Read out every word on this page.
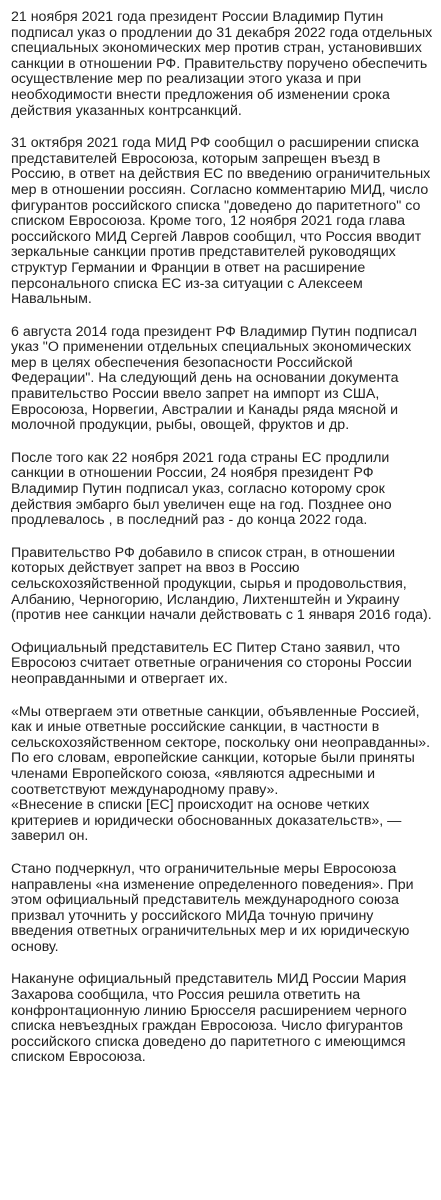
21 ноября 2021 года президент России Владимир Путин подписал указ о продлении до 31 декабря 2022 года отдельных специальных экономических мер против стран, установивших санкции в отношении РФ. Правительству поручено обеспечить осуществление мер по реализации этого указа и при необходимости внести предложения об изменении срока действия указанных контрсанкций.

31 октября 2021 года МИД РФ сообщил о расширении списка представителей Евросоюза, которым запрещен въезд в Россию, в ответ на действия ЕС по введению ограничительных мер в отношении россиян. Согласно комментарию МИД, число фигурантов российского списка "доведено до паритетного" со списком Евросоюза. Кроме того, 12 ноября 2021 года глава российского МИД Сергей Лавров сообщил, что Россия вводит зеркальные санкции против представителей руководящих структур Германии и Франции в ответ на расширение персонального списка ЕС из-за ситуации с Алексеем Навальным.

6 августа 2014 года президент РФ Владимир Путин подписал указ "О применении отдельных специальных экономических мер в целях обеспечения безопасности Российской Федерации". На следующий день на основании документа правительство России ввело запрет на импорт из США, Евросоюза, Норвегии, Австралии и Канады ряда мясной и молочной продукции, рыбы, овощей, фруктов и др.

После того как 22 ноября 2021 года страны ЕС продлили санкции в отношении России, 24 ноября президент РФ Владимир Путин подписал указ, согласно которому срок действия эмбарго был увеличен еще на год. Позднее оно продлевалось , в последний раз - до конца 2022 года.

Правительство РФ добавило в список стран, в отношении которых действует запрет на ввоз в Россию сельскохозяйственной продукции, сырья и продовольствия, Албанию, Черногорию, Исландию, Лихтенштейн и Украину (против нее санкции начали действовать с 1 января 2016 года).

Официальный представитель ЕС Питер Стано заявил, что Евросоюз считает ответные ограничения со стороны России неоправданными и отвергает их.

«Мы отвергаем эти ответные санкции, объявленные Россией, как и иные ответные российские санкции, в частности в сельскохозяйственном секторе, поскольку они неоправданны».
По его словам, европейские санкции, которые были приняты членами Европейского союза, «являются адресными и соответствуют международному праву».
«Внесение в списки [ЕС] происходит на основе четких критериев и юридически обоснованных доказательств», — заверил он.

Стано подчеркнул, что ограничительные меры Евросоюза направлены «на изменение определенного поведения». При этом официальный представитель международного союза призвал уточнить у российского МИДа точную причину введения ответных ограничительных мер и их юридическую основу.

Накануне официальный представитель МИД России Мария Захарова сообщила, что Россия решила ответить на конфронтационную линию Брюсселя расширением черного списка невъездных граждан Евросоюза. Число фигурантов российского списка доведено до паритетного с имеющимся списком Евросоюза.
